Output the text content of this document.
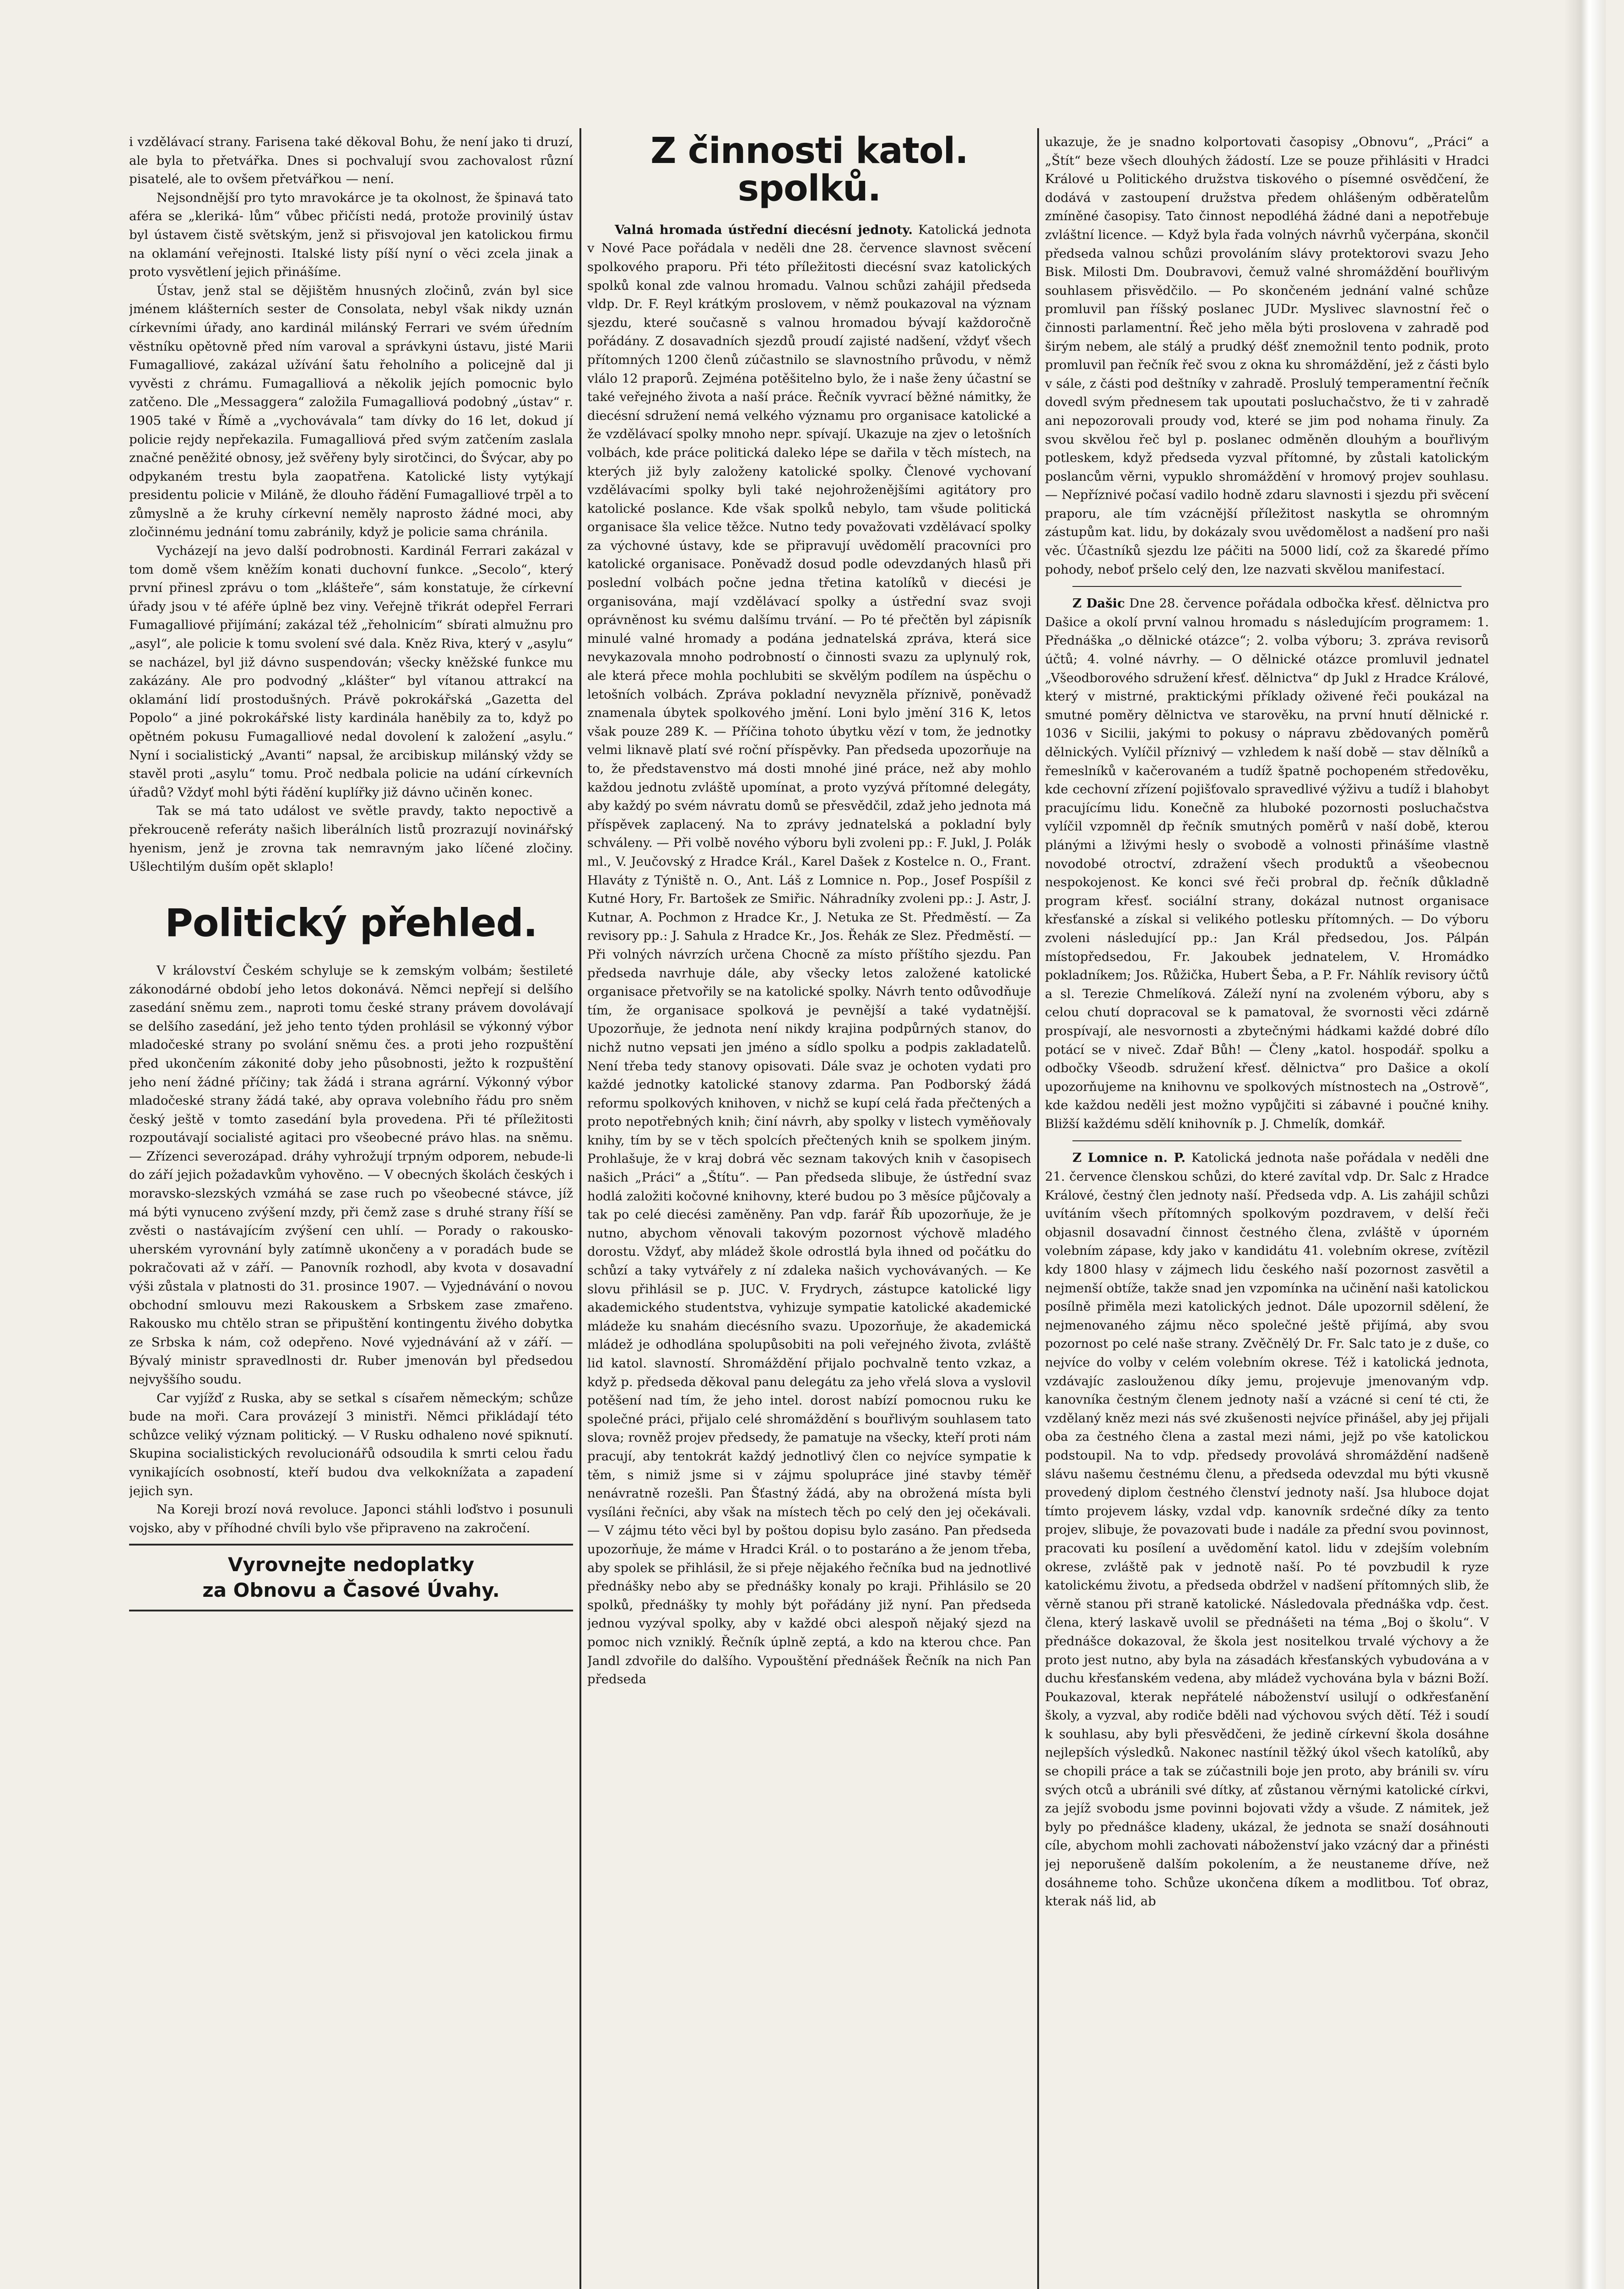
i vzdělávací strany. Farisena také děkoval Bohu, že není jako ti druzí, ale byla to přetvářka. Dnes si pochvalují svou zachovalost různí pisatelé, ale to ovšem přetvářkou — není.

Nejsondnější pro tyto mravokárce je ta okolnost, že špinavá tato aféra se „kleriká- lům“ vůbec přičísti nedá, protože provinilý ústav byl ústavem čistě světským, jenž si přisvojoval jen katolickou firmu na oklamání veřejnosti. Italské listy píší nyní o věci zcela jinak a proto vysvětlení jejich přinášíme.

Ústav, jenž stal se dějištěm hnusných zločinů, zván byl sice jménem klášterních sester de Consolata, nebyl však nikdy uznán církevními úřady, ano kardinál milánský Ferrari ve svém úředním věstníku opětovně před ním varoval a správkyni ústavu, jisté Marii Fumagalliové, zakázal užívání šatu řeholního a policejně dal ji vyvěsti z chrámu. Fumagalliová a několik jejích pomocnic bylo zatčeno. Dle „Messaggera“ založila Fumagalliová podobný „ústav“ r. 1905 také v Římě a „vychovávala“ tam dívky do 16 let, dokud jí policie rejdy nepřekazila. Fumagalliová před svým zatčením zaslala značné peněžité obnosy, jež svěřeny byly sirotčinci, do Švýcar, aby po odpykaném trestu byla zaopatřena. Katolické listy vytýkají presidentu policie v Miláně, že dlouho řádění Fumagalliové trpěl a to zůmyslně a že kruhy církevní neměly naprosto žádné moci, aby zločinnému jednání tomu zabránily, když je policie sama chránila.

Vycházejí na jevo další podrobnosti. Kardinál Ferrari zakázal v tom domě všem kněžím konati duchovní funkce. „Secolo“, který první přinesl zprávu o tom „klášteře“, sám konstatuje, že církevní úřady jsou v té aféře úplně bez viny. Veřejně třikrát odepřel Ferrari Fumagalliové přijímání; zakázal též „řeholnicím“ sbírati almužnu pro „asyl“, ale policie k tomu svolení své dala. Kněz Riva, který v „asylu“ se nacházel, byl již dávno suspendován; všecky kněžské funkce mu zakázány. Ale pro podvodný „klášter“ byl vítanou attrakcí na oklamání lidí prostodušných. Právě pokrokářská „Gazetta del Popolo“ a jiné pokrokářské listy kardinála haněbily za to, když po opětném pokusu Fumagalliové nedal dovolení k založení „asylu.“ Nyní i socialistický „Avanti“ napsal, že arcibiskup milánský vždy se stavěl proti „asylu“ tomu. Proč nedbala policie na udání církevních úřadů? Vždyť mohl býti řádění kuplířky již dávno učiněn konec.

Tak se má tato událost ve světle pravdy, takto nepoctivě a překrouceně referáty našich liberálních listů prozrazují novinářský hyenism, jenž je zrovna tak nemravným jako líčené zločiny. Ušlechtilým duším opět sklaplo!

Politický přehled.

V království Českém schyluje se k zemským volbám; šestileté zákonodárné období jeho letos dokonává. Němci nepřejí si delšího zasedání sněmu zem., naproti tomu české strany právem dovolávají se delšího zasedání, jež jeho tento týden prohlásil se výkonný výbor mladočeské strany po svolání sněmu čes. a proti jeho rozpuštění před ukončením zákonité doby jeho působnosti, ježto k rozpuštění jeho není žádné příčiny; tak žádá i strana agrární. Výkonný výbor mladočeské strany žádá také, aby oprava volebního řádu pro sněm český ještě v tomto zasedání byla provedena. Při té příležitosti rozpoutávají socialisté agitaci pro všeobecné právo hlas. na sněmu. — Zřízenci severozápad. dráhy vyhrožují trpným odporem, nebude-li do září jejich požadavkům vyhověno. — V obecných školách českých i moravsko-slezských vzmáhá se zase ruch po všeobecné stávce, jíž má býti vynuceno zvýšení mzdy, při čemž zase s druhé strany říší se zvěsti o nastávajícím zvýšení cen uhlí. — Porady o rakousko-uherském vyrovnání byly zatímně ukončeny a v poradách bude se pokračovati až v září. — Panovník rozhodl, aby kvota v dosavadní výši zůstala v platnosti do 31. prosince 1907. — Vyjednávání o novou obchodní smlouvu mezi Rakouskem a Srbskem zase zmařeno. Rakousko mu chtělo stran se připuštění kontingentu živého dobytka ze Srbska k nám, což odepřeno. Nové vyjednávání až v září. — Bývalý ministr spravedlnosti dr. Ruber jmenován byl předsedou nejvyššího soudu.

Car vyjížď z Ruska, aby se setkal s císařem německým; schůze bude na moři. Cara provázejí 3 ministři. Němci přikládají této schůzce veliký význam politický. — V Rusku odhaleno nové spiknutí. Skupina socialistických revolucionářů odsoudila k smrti celou řadu vynikajících osobností, kteří budou dva velkoknížata a zapadení jejich syn.

Na Koreji brozí nová revoluce. Japonci stáhli loďstvo i posunuli vojsko, aby v příhodné chvíli bylo vše připraveno na zakročení.

Vyrovnejte nedoplatky
za Obnovu a Časové Úvahy.
Z činnosti katol. spolků.

Valná hromada ústřední diecésní jednoty. Katolická jednota v Nové Pace pořádala v neděli dne 28. července slavnost svěcení spolkového praporu. Při této příležitosti diecésní svaz katolických spolků konal zde valnou hromadu. Valnou schůzi zahájil předseda vldp. Dr. F. Reyl krátkým proslovem, v němž poukazoval na význam sjezdu, které současně s valnou hromadou bývají každoročně pořádány. Z dosavadních sjezdů proudí zajisté nadšení, vždyť všech přítomných 1200 členů zúčastnilo se slavnostního průvodu, v němž vlálo 12 praporů. Zejména potěšitelno bylo, že i naše ženy účastní se také veřejného života a naší práce. Řečník vyvrací běžné námitky, že diecésní sdružení nemá velkého významu pro organisace katolické a že vzdělávací spolky mnoho nepr. spívají. Ukazuje na zjev o letošních volbách, kde práce politická daleko lépe se dařila v těch místech, na kterých již byly založeny katolické spolky. Členové vychovaní vzdělávacími spolky byli také nejohroženějšími agitátory pro katolické poslance. Kde však spolků nebylo, tam všude politická organisace šla velice těžce. Nutno tedy považovati vzdělávací spolky za výchovné ústavy, kde se připravují uvědomělí pracovníci pro katolické organisace. Poněvadž dosud podle odevzdaných hlasů při poslední volbách počne jedna třetina katolíků v diecési je organisována, mají vzdělávací spolky a ústřední svaz svoji oprávněnost ku svému dalšímu trvání. — Po té přečtěn byl zápisník minulé valné hromady a podána jednatelská zpráva, která sice nevykazovala mnoho podrobností o činnosti svazu za uplynulý rok, ale která přece mohla pochlubiti se skvělým podílem na úspěchu o letošních volbách. Zpráva pokladní nevyzněla příznivě, poněvadž znamenala úbytek spolkového jmění. Loni bylo jmění 316 K, letos však pouze 289 K. — Příčina tohoto úbytku vězí v tom, že jednotky velmi liknavě platí své roční příspěvky. Pan předseda upozorňuje na to, že představenstvo má dosti mnohé jiné práce, než aby mohlo každou jednotu zvláště upomínat, a proto vyzývá přítomné delegáty, aby každý po svém návratu domů se přesvědčil, zdaž jeho jednota má příspěvek zaplacený. Na to zprávy jednatelská a pokladní byly schváleny. — Při volbě nového výboru byli zvoleni pp.: F. Jukl, J. Polák ml., V. Jeučovský z Hradce Král., Karel Dašek z Kostelce n. O., Frant. Hlaváty z Týniště n. O., Ant. Láš z Lomnice n. Pop., Josef Pospíšil z Kutné Hory, Fr. Bartošek ze Smiřic. Náhradníky zvoleni pp.: J. Astr, J. Kutnar, A. Pochmon z Hradce Kr., J. Netuka ze St. Předměstí. — Za revisory pp.: J. Sahula z Hradce Kr., Jos. Řehák ze Slez. Předměstí. — Při volných návrzích určena Chocně za místo příštího sjezdu. Pan předseda navrhuje dále, aby všecky letos založené katolické organisace přetvořily se na katolické spolky. Návrh tento odůvodňuje tím, že organisace spolková je pevnější a také vydatnější. Upozorňuje, že jednota není nikdy krajina podpůrných stanov, do nichž nutno vepsati jen jméno a sídlo spolku a podpis zakladatelů. Není třeba tedy stanovy opisovati. Dále svaz je ochoten vydati pro každé jednotky katolické stanovy zdarma. Pan Podborský žádá reformu spolkových knihoven, v nichž se kupí celá řada přečtených a proto nepotřebných knih; činí návrh, aby spolky v listech vyměňovaly knihy, tím by se v těch spolcích přečtených knih se spolkem jiným. Prohlašuje, že v kraj dobrá věc seznam takových knih v časopisech našich „Práci“ a „Štítu“. — Pan předseda slibuje, že ústřední svaz hodlá založiti kočovné knihovny, které budou po 3 měsíce půjčovaly a tak po celé diecési zaměněny. Pan vdp. farář Říb upozorňuje, že je nutno, abychom věnovali takovým pozornost výchově mladého dorostu. Vždyť, aby mládež škole odrostlá byla ihned od počátku do schůzí a taky vytvářely z ní zdaleka našich vychovávaných. — Ke slovu přihlásil se p. JUC. V. Frydrych, zástupce katolické ligy akademického studentstva, vyhizuje sympatie katolické akademické mládeže ku snahám diecésního svazu. Upozorňuje, že akademická mládež je odhodlána spolupůsobiti na poli veřejného života, zvláště lid katol. slavností. Shromáždění přijalo pochvalně tento vzkaz, a když p. předseda děkoval panu delegátu za jeho vřelá slova a vyslovil potěšení nad tím, že jeho intel. dorost nabízí pomocnou ruku ke společné práci, přijalo celé shromáždění s bouřlivým souhlasem tato slova; rovněž projev předsedy, že pamatuje na všecky, kteří proti nám pracují, aby tentokrát každý jednotlivý člen co nejvíce sympatie k těm, s nimiž jsme si v zájmu spolupráce jiné stavby téměř nenávratně rozešli. Pan Šťastný žádá, aby na obrožená místa byli vysíláni řečníci, aby však na místech těch po celý den jej očekávali. — V zájmu této věci byl by poštou dopisu bylo zasáno. Pan předseda upozorňuje, že máme v Hradci Král. o to postaráno a že jenom třeba, aby spolek se přihlásil, že si přeje nějakého řečníka bud na jednotlivé přednášky nebo aby se přednášky konaly po kraji. Přihlásilo se 20 spolků, přednášky ty mohly být pořádány již nyní. Pan předseda jednou vyzýval spolky, aby v každé obci alespoň nějaký sjezd na pomoc nich vzniklý. Řečník úplně zeptá, a kdo na kterou chce. Pan Jandl zdvořile do dalšího. Vypouštění přednášek Řečník na nich Pan předseda

ukazuje, že je snadno kolportovati časopisy „Obnovu“, „Práci“ a „Štít“ beze všech dlouhých žádostí. Lze se pouze přihlásiti v Hradci Králové u Politického družstva tiskového o písemné osvědčení, že dodává v zastoupení družstva předem ohlášeným odběratelům zmíněné časopisy. Tato činnost nepodléhá žádné dani a nepotřebuje zvláštní licence. — Když byla řada volných návrhů vyčerpána, skončil předseda valnou schůzi provoláním slávy protektorovi svazu Jeho Bisk. Milosti Dm. Doubravovi, čemuž valné shromáždění bouřlivým souhlasem přisvědčilo. — Po skončeném jednání valné schůze promluvil pan říšský poslanec JUDr. Myslivec slavnostní řeč o činnosti parlamentní. Řeč jeho měla býti proslovena v zahradě pod širým nebem, ale stálý a prudký déšť znemožnil tento podnik, proto promluvil pan řečník řeč svou z okna ku shromáždění, jež z části bylo v sále, z části pod deštníky v zahradě. Proslulý temperamentní řečník dovedl svým přednesem tak upoutati posluchačstvo, že ti v zahradě ani nepozorovali proudy vod, které se jim pod nohama řinuly. Za svou skvělou řeč byl p. poslanec odměněn dlouhým a bouřlivým potleskem, když předseda vyzval přítomné, by zůstali katolickým poslancům věrni, vypuklo shromáždění v hromový projev souhlasu. — Nepříznivé počasí vadilo hodně zdaru slavnosti i sjezdu při svěcení praporu, ale tím vzácnější příležitost naskytla se ohromným zástupům kat. lidu, by dokázaly svou uvědomělost a nadšení pro naši věc. Účastníků sjezdu lze páčiti na 5000 lidí, což za škaredé přímo pohody, neboť pršelo celý den, lze nazvati skvělou manifestací.

Z Dašic Dne 28. července pořádala odbočka křesť. dělnictva pro Dašice a okolí první valnou hromadu s následujícím programem: 1. Přednáška „o dělnické otázce“; 2. volba výboru; 3. zpráva revisorů účtů; 4. volné návrhy. — O dělnické otázce promluvil jednatel „Všeodborového sdružení křesť. dělnictva“ dp Jukl z Hradce Králové, který v mistrné, praktickými příklady oživené řeči poukázal na smutné poměry dělnictva ve starověku, na první hnutí dělnické r. 1036 v Sicilii, jakými to pokusy o nápravu zbědovaných poměrů dělnických. Vylíčil příznivý — vzhledem k naší době — stav dělníků a řemeslníků v kačerovaném a tudíž špatně pochopeném středověku, kde cechovní zřízení pojišťovalo spravedlivé výživu a tudíž i blahobyt pracujícímu lidu. Konečně za hluboké pozornosti posluchačstva vylíčil vzpomněl dp řečník smutných poměrů v naší době, kterou plánými a lživými hesly o svobodě a volnosti přinášíme vlastně novodobé otroctví, zdražení všech produktů a všeobecnou nespokojenost. Ke konci své řeči probral dp. řečník důkladně program křesť. sociální strany, dokázal nutnost organisace křesťanské a získal si velikého potlesku přítomných. — Do výboru zvoleni následující pp.: Jan Král předsedou, Jos. Pálpán místopředsedou, Fr. Jakoubek jednatelem, V. Hromádko pokladníkem; Jos. Růžička, Hubert Šeba, a P. Fr. Náhlík revisory účtů a sl. Terezie Chmelíková. Záleží nyní na zvoleném výboru, aby s celou chutí dopracoval se k pamatoval, že svornosti věci zdárně prospívají, ale nesvornosti a zbytečnými hádkami každé dobré dílo potácí se v niveč. Zdař Bůh! — Členy „katol. hospodář. spolku a odbočky Všeodb. sdružení křesť. dělnictva“ pro Dašice a okolí upozorňujeme na knihovnu ve spolkových místnostech na „Ostrově“, kde každou neděli jest možno vypůjčiti si zábavné i poučné knihy. Bližší každému sdělí knihovník p. J. Chmelík, domkář.

Z Lomnice n. P. Katolická jednota naše pořádala v neděli dne 21. července členskou schůzi, do které zavítal vdp. Dr. Salc z Hradce Králové, čestný člen jednoty naší. Předseda vdp. A. Lis zahájil schůzi uvítáním všech přítomných spolkovým pozdravem, v delší řeči objasnil dosavadní činnost čestného člena, zvláště v úporném volebním zápase, kdy jako v kandidátu 41. volebním okrese, zvítězil kdy 1800 hlasy v zájmech lidu českého naší pozornost zasvětil a nejmenší obtíže, takže snad jen vzpomínka na učinění naši katolickou posílně přiměla mezi katolických jednot. Dále upozornil sdělení, že nejmenovaného zájmu něco společné ještě přijímá, aby svou pozornost po celé naše strany. Zvěčnělý Dr. Fr. Salc tato je z duše, co nejvíce do volby v celém volebním okrese. Též i katolická jednota, vzdávajíc zaslouženou díky jemu, projevuje jmenovaným vdp. kanovníka čestným členem jednoty naší a vzácné si cení té cti, že vzdělaný kněz mezi nás své zkušenosti nejvíce přinášel, aby jej přijali oba za čestného člena a zastal mezi námi, jejž po vše katolickou podstoupil. Na to vdp. předsedy provolává shromáždění nadšeně slávu našemu čestnému členu, a předseda odevzdal mu býti vkusně provedený diplom čestného členství jednoty naší. Jsa hluboce dojat tímto projevem lásky, vzdal vdp. kanovník srdečné díky za tento projev, slibuje, že povazovati bude i nadále za přední svou povinnost, pracovati ku posílení a uvědomění katol. lidu v zdejším volebním okrese, zvláště pak v jednotě naší. Po té povzbudil k ryze katolickému životu, a předseda obdržel v nadšení přítomných slib, že věrně stanou při straně katolické. Následovala přednáška vdp. čest. člena, který laskavě uvolil se přednášeti na téma „Boj o školu“. V přednášce dokazoval, že škola jest nositelkou trvalé výchovy a že proto jest nutno, aby byla na zásadách křesťanských vybudována a v duchu křesťanském vedena, aby mládež vychována byla v bázni Boží. Poukazoval, kterak nepřátelé náboženství usilují o odkřesťanění školy, a vyzval, aby rodiče bděli nad výchovou svých dětí. Též i soudí k souhlasu, aby byli přesvědčeni, že jedině církevní škola dosáhne nejlepších výsledků. Nakonec nastínil těžký úkol všech katolíků, aby se chopili práce a tak se zúčastnili boje jen proto, aby bránili sv. víru svých otců a ubránili své dítky, ať zůstanou věrnými katolické církvi, za jejíž svobodu jsme povinni bojovati vždy a všude. Z námitek, jež byly po přednášce kladeny, ukázal, že jednota se snaží dosáhnouti cíle, abychom mohli zachovati náboženství jako vzácný dar a přinésti jej neporušeně dalším pokolením, a že neustaneme dříve, než dosáhneme toho. Schůze ukončena díkem a modlitbou. Toť obraz, kterak náš lid, ab
